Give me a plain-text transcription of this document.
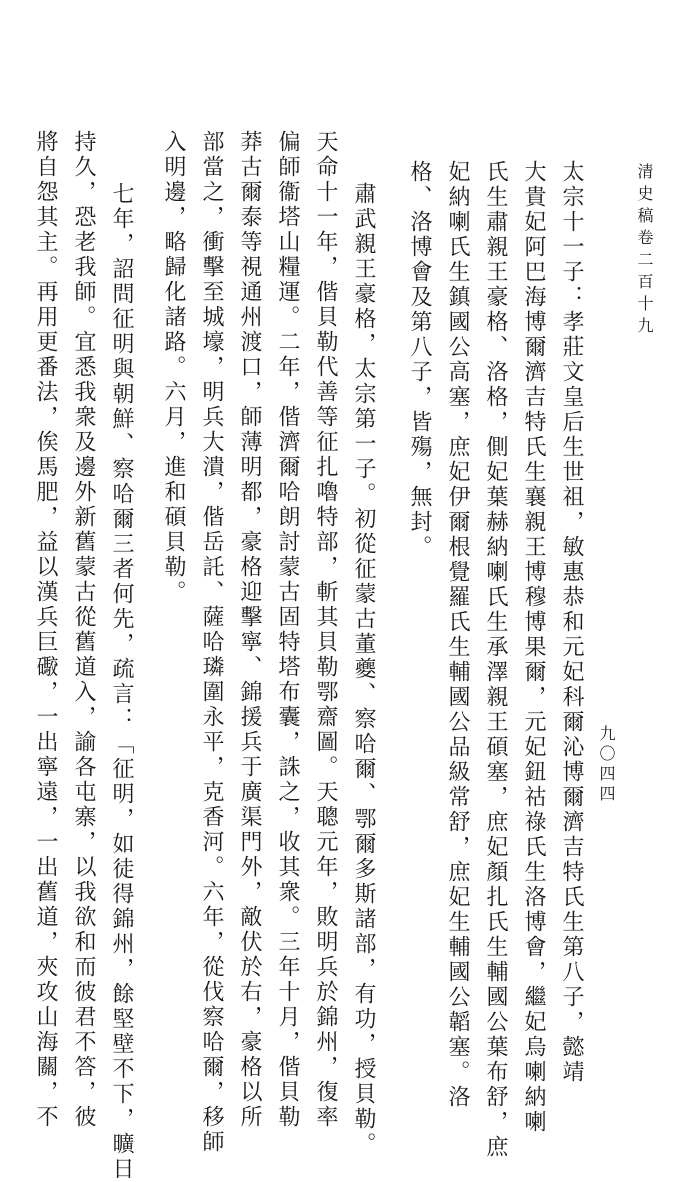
清史稿卷二百十九
九〇四四
太宗十一子：孝莊文皇后生世祖，敏惠恭和元妃科爾沁博爾濟吉特氏生第八子，懿靖
大貴妃阿巴海博爾濟吉特氏生襄親王博穆博果爾，元妃鈕祜祿氏生洛博會，繼妃烏喇納喇
氏生肅親王豪格、洛格，側妃葉赫納喇氏生承澤親王碩塞，庶妃顏扎氏生輔國公葉布舒，庶
妃納喇氏生鎮國公高塞，庶妃伊爾根覺羅氏生輔國公品級常舒，庶妃生輔國公韜塞。洛
格、洛博會及第八子，皆殤，無封。
肅武親王豪格，太宗第一子。初從征蒙古董夔、察哈爾、鄂爾多斯諸部，有功，授貝勒。
天命十一年，偕貝勒代善等征扎嚕特部，斬其貝勒鄂齋圖。天聰元年，敗明兵於錦州，復率
偏師衞塔山糧運。二年，偕濟爾哈朗討蒙古固特塔布囊，誅之，收其衆。三年十月，偕貝勒
莽古爾泰等視通州渡口，師薄明都，豪格迎擊寧、錦援兵于廣渠門外，敵伏於右，豪格以所
部當之，衝擊至城壕，明兵大潰，偕岳託、薩哈璘圍永平，克香河。六年，從伐察哈爾，移師
入明邊，略歸化諸路。六月，進和碩貝勒。
七年，詔問征明與朝鮮、察哈爾三者何先，疏言：「征明，如徒得錦州，餘堅壁不下，曠日
持久，恐老我師。宜悉我衆及邊外新舊蒙古從舊道入，諭各屯寨，以我欲和而彼君不答，彼
將自怨其主。再用更番法，俟馬肥，益以漢兵巨礮，一出寧遠，一出舊道，夾攻山海關，不
